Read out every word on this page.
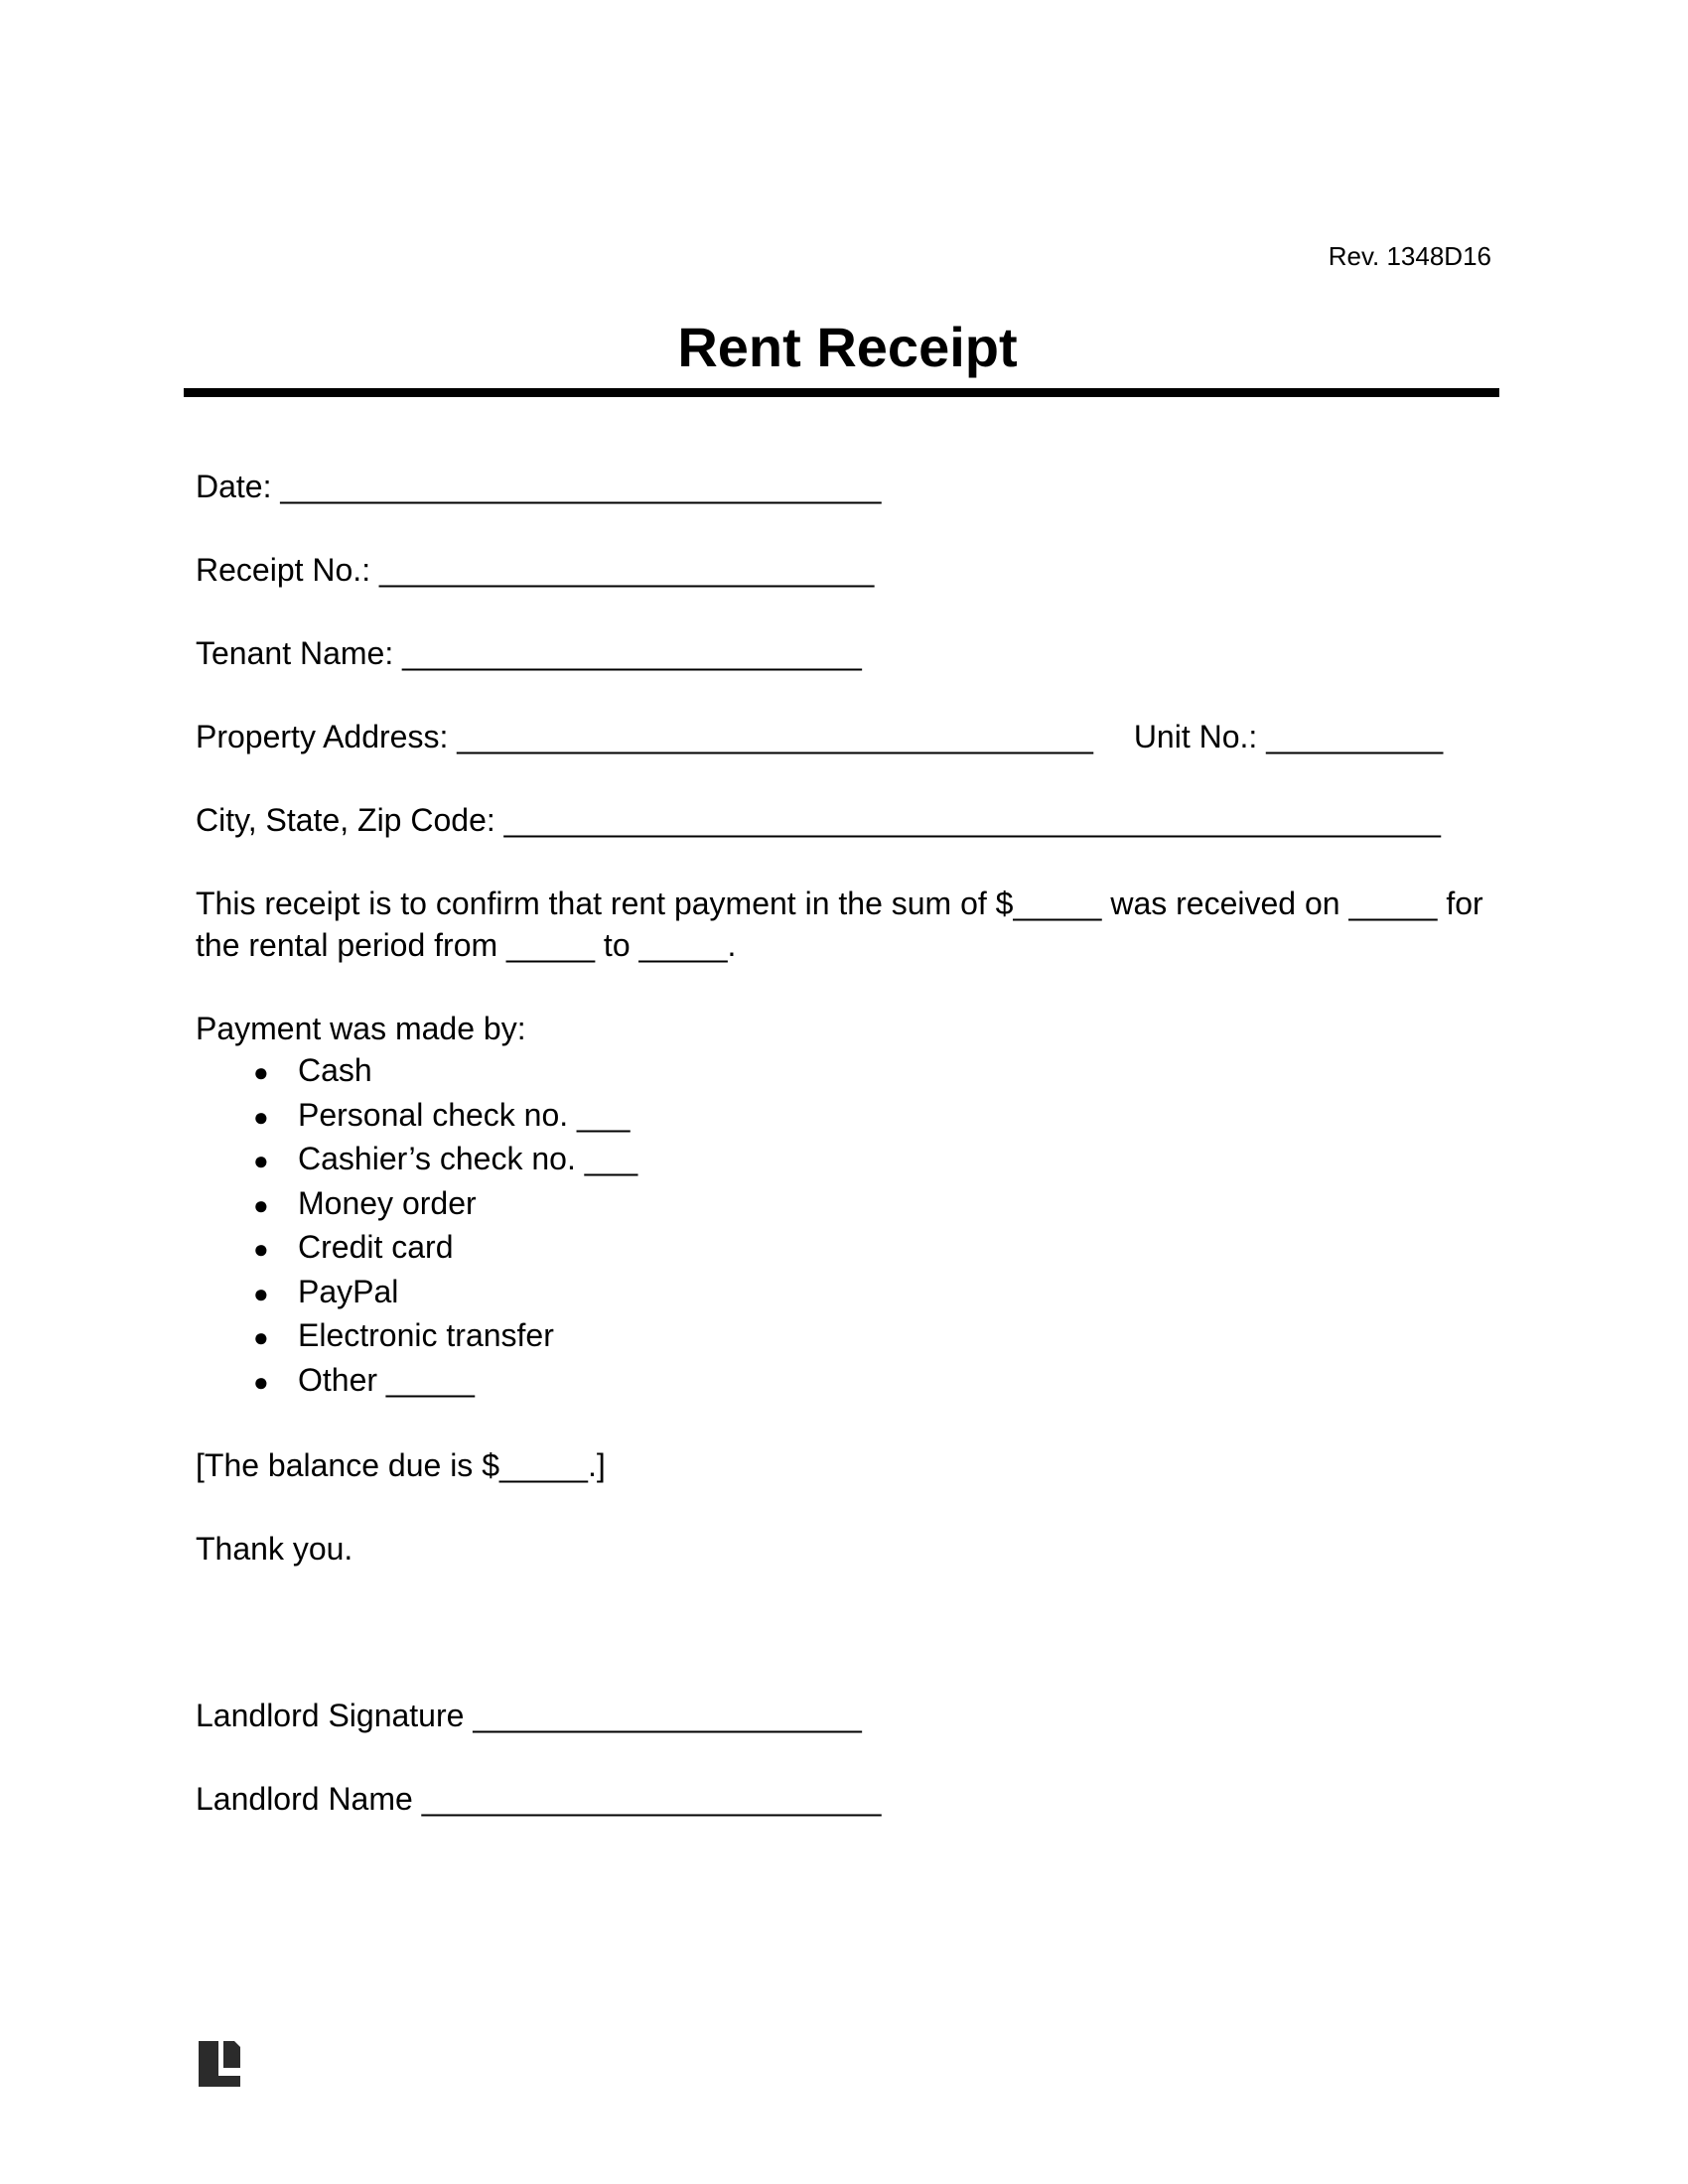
Rev. 1348D16
Rent Receipt
Date: __________________________________
Receipt No.: ____________________________
Tenant Name: __________________________
Property Address: ____________________________________ Unit No.: __________
City, State, Zip Code: _____________________________________________________

This receipt is to confirm that rent payment in the sum of $_____ was received on _____ for
the rental period from _____ to _____.

Payment was made by:
● Cash
● Personal check no. ___
● Cashier’s check no. ___
● Money order
● Credit card
● PayPal
● Electronic transfer
● Other _____
[The balance due is $_____.]
Thank you.
Landlord Signature ______________________
Landlord Name __________________________
